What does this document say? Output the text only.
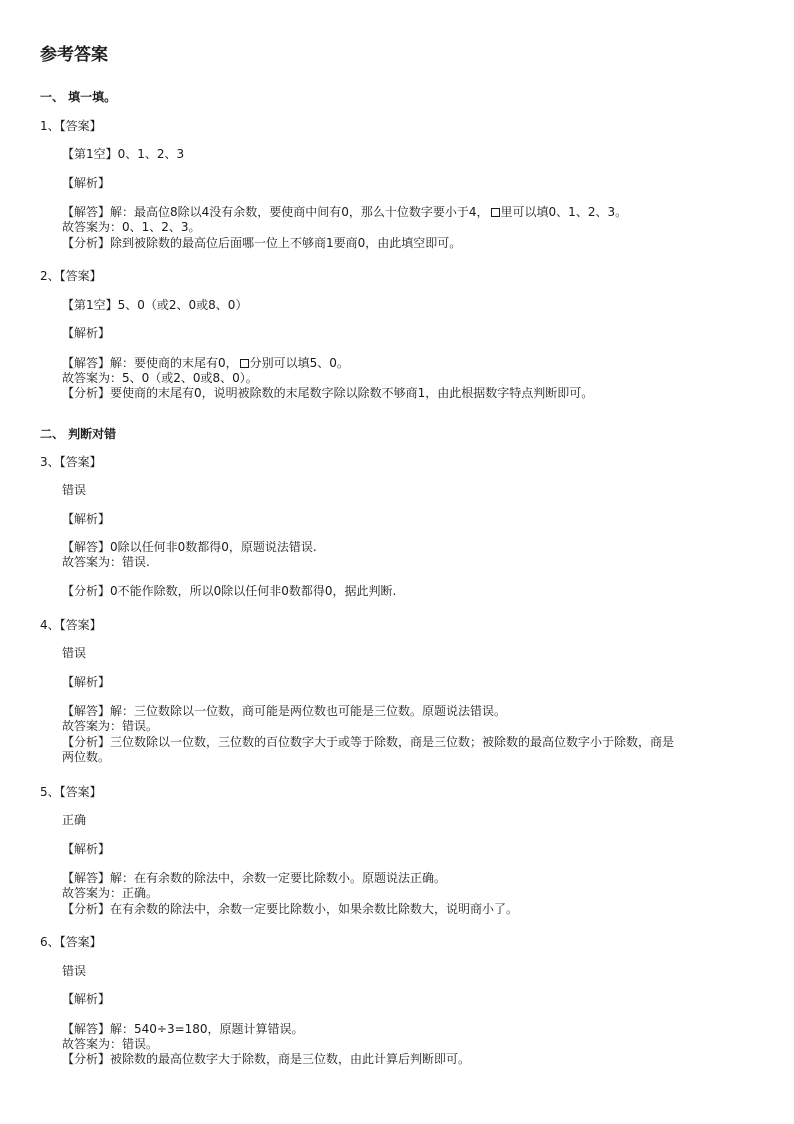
参考答案
一、 填一填。
1、【答案】
【第1空】0、1、2、3
【解析】
【解答】解：最高位8除以4没有余数，要使商中间有0，那么十位数字要小于4， 里可以填0、1、2、3。
故答案为：0、1、2、3。
【分析】除到被除数的最高位后面哪一位上不够商1要商0，由此填空即可。
2、【答案】
【第1空】5、0（或2、0或8、0）
【解析】
【解答】解：要使商的末尾有0， 分别可以填5、0。
故答案为：5、0（或2、0或8、0）。
【分析】要使商的末尾有0，说明被除数的末尾数字除以除数不够商1，由此根据数字特点判断即可。
二、 判断对错
3、【答案】
错误
【解析】
【解答】0除以任何非0数都得0，原题说法错误.
故答案为：错误.
【分析】0不能作除数，所以0除以任何非0数都得0，据此判断.
4、【答案】
错误
【解析】
【解答】解：三位数除以一位数，商可能是两位数也可能是三位数。原题说法错误。
故答案为：错误。
【分析】三位数除以一位数，三位数的百位数字大于或等于除数，商是三位数；被除数的最高位数字小于除数，商是
两位数。
5、【答案】
正确
【解析】
【解答】解：在有余数的除法中，余数一定要比除数小。原题说法正确。
故答案为：正确。
【分析】在有余数的除法中，余数一定要比除数小，如果余数比除数大，说明商小了。
6、【答案】
错误
【解析】
【解答】解：540÷3=180，原题计算错误。
故答案为：错误。
【分析】被除数的最高位数字大于除数，商是三位数，由此计算后判断即可。
